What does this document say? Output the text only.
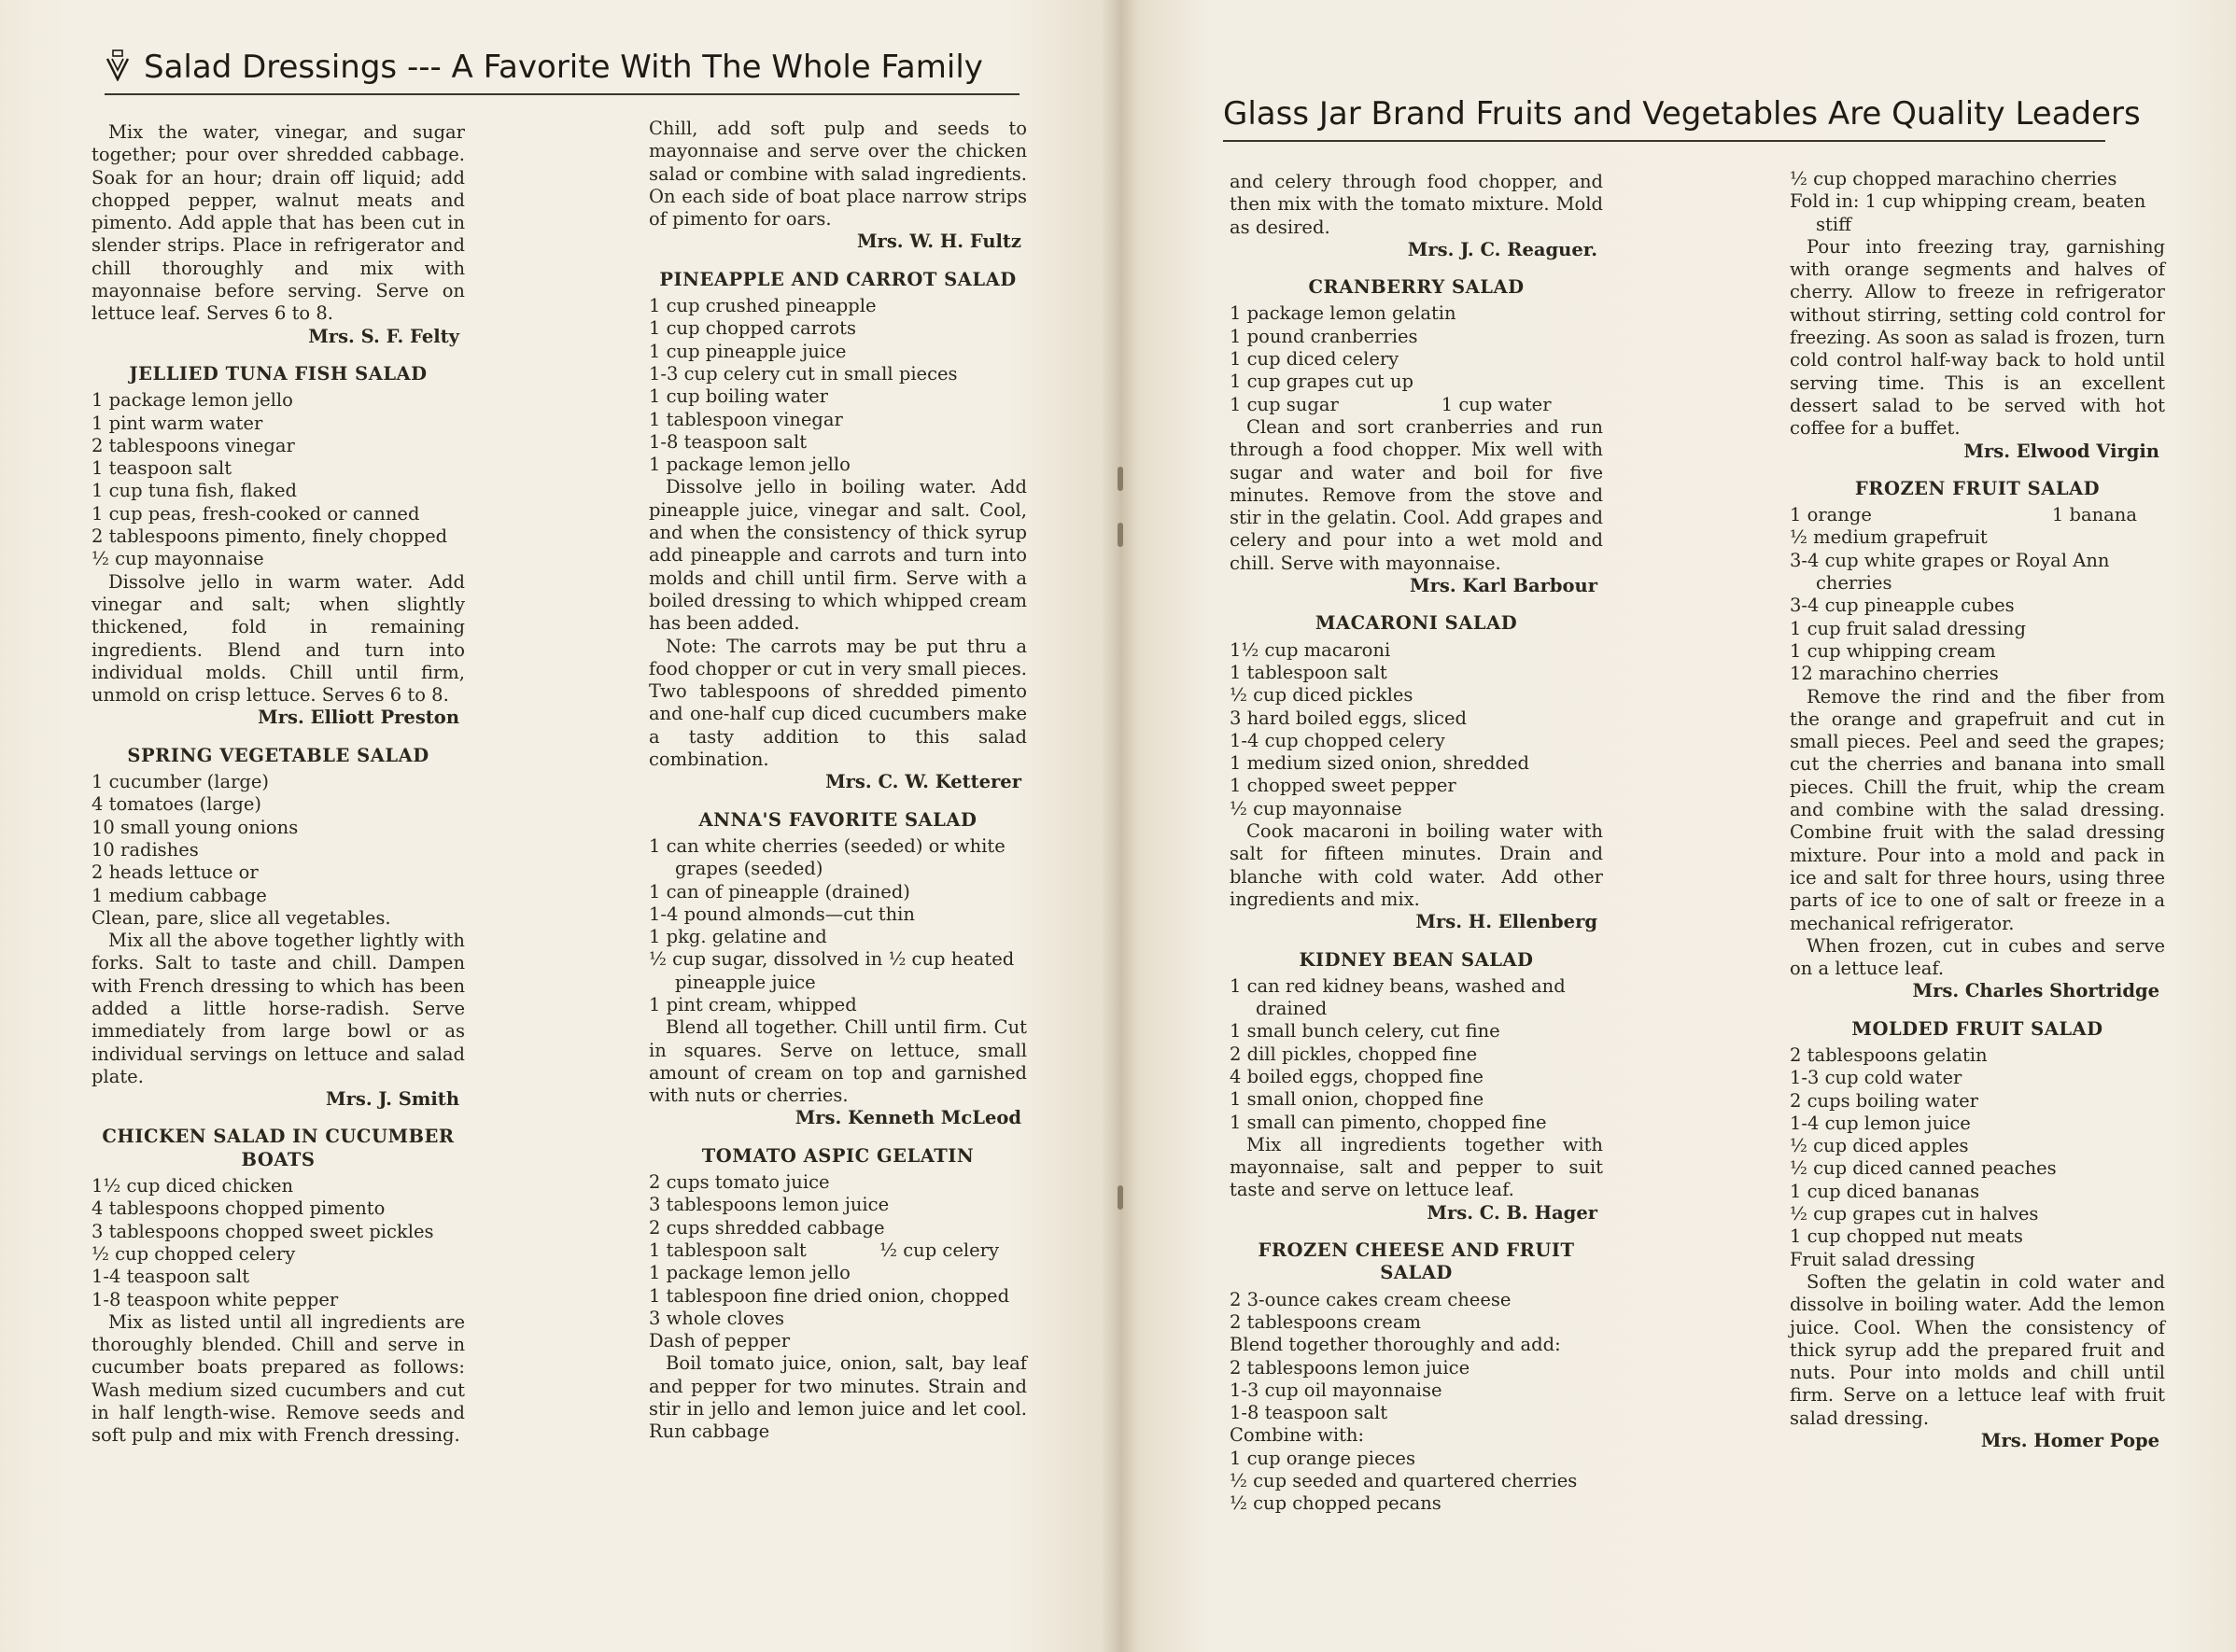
Salad Dressings --- A Favorite With The Whole Family

Mix the water, vinegar, and sugar together; pour over shredded cabbage. Soak for an hour; drain off liquid; add chopped pepper, walnut meats and pimento. Add apple that has been cut in slender strips. Place in refrigerator and chill thoroughly and mix with mayonnaise before serving. Serve on lettuce leaf. Serves 6 to 8.

Mrs. S. F. Felty

JELLIED TUNA FISH SALAD

1 package lemon jello

1 pint warm water

2 tablespoons vinegar

1 teaspoon salt

1 cup tuna fish, flaked

1 cup peas, fresh-cooked or canned

2 tablespoons pimento, finely chopped

½ cup mayonnaise

Dissolve jello in warm water. Add vinegar and salt; when slightly thickened, fold in remaining ingredients. Blend and turn into individual molds. Chill until firm, unmold on crisp lettuce. Serves 6 to 8.

Mrs. Elliott Preston

SPRING VEGETABLE SALAD

1 cucumber (large)

4 tomatoes (large)

10 small young onions

10 radishes

2 heads lettuce or

1 medium cabbage

Clean, pare, slice all vegetables.

Mix all the above together lightly with forks. Salt to taste and chill. Dampen with French dressing to which has been added a little horse-radish. Serve immediately from large bowl or as individual servings on lettuce and salad plate.

Mrs. J. Smith

CHICKEN SALAD IN CUCUMBER BOATS

1½ cup diced chicken

4 tablespoons chopped pimento

3 tablespoons chopped sweet pickles

½ cup chopped celery

1-4 teaspoon salt

1-8 teaspoon white pepper

Mix as listed until all ingredients are thoroughly blended. Chill and serve in cucumber boats prepared as follows: Wash medium sized cucumbers and cut in half length-wise. Remove seeds and soft pulp and mix with French dressing.

Chill, add soft pulp and seeds to mayonnaise and serve over the chicken salad or combine with salad ingredients. On each side of boat place narrow strips of pimento for oars.

Mrs. W. H. Fultz

PINEAPPLE AND CARROT SALAD

1 cup crushed pineapple

1 cup chopped carrots

1 cup pineapple juice

1-3 cup celery cut in small pieces

1 cup boiling water

1 tablespoon vinegar

1-8 teaspoon salt

1 package lemon jello

Dissolve jello in boiling water. Add pineapple juice, vinegar and salt. Cool, and when the consistency of thick syrup add pineapple and carrots and turn into molds and chill until firm. Serve with a boiled dressing to which whipped cream has been added.

Note: The carrots may be put thru a food chopper or cut in very small pieces. Two tablespoons of shredded pimento and one-half cup diced cucumbers make a tasty addition to this salad combination.

Mrs. C. W. Ketterer

ANNA'S FAVORITE SALAD

1 can white cherries (seeded) or white grapes (seeded)

1 can of pineapple (drained)

1-4 pound almonds—cut thin

1 pkg. gelatine and

½ cup sugar, dissolved in ½ cup heated pineapple juice

1 pint cream, whipped

Blend all together. Chill until firm. Cut in squares. Serve on lettuce, small amount of cream on top and garnished with nuts or cherries.

Mrs. Kenneth McLeod

TOMATO ASPIC GELATIN

2 cups tomato juice

3 tablespoons lemon juice

2 cups shredded cabbage

1 tablespoon salt	½ cup celery

1 package lemon jello

1 tablespoon fine dried onion, chopped

3 whole cloves

Dash of pepper

Boil tomato juice, onion, salt, bay leaf and pepper for two minutes. Strain and stir in jello and lemon juice and let cool. Run cabbage

Glass Jar Brand Fruits and Vegetables Are Quality Leaders

and celery through food chopper, and then mix with the tomato mixture. Mold as desired.

Mrs. J. C. Reaguer.

CRANBERRY SALAD

1 package lemon gelatin

1 pound cranberries

1 cup diced celery

1 cup grapes cut up

1 cup sugar	1 cup water

Clean and sort cranberries and run through a food chopper. Mix well with sugar and water and boil for five minutes. Remove from the stove and stir in the gelatin. Cool. Add grapes and celery and pour into a wet mold and chill. Serve with mayonnaise.

Mrs. Karl Barbour

MACARONI SALAD

1½ cup macaroni

1 tablespoon salt

½ cup diced pickles

3 hard boiled eggs, sliced

1-4 cup chopped celery

1 medium sized onion, shredded

1 chopped sweet pepper

½ cup mayonnaise

Cook macaroni in boiling water with salt for fifteen minutes. Drain and blanche with cold water. Add other ingredients and mix.

Mrs. H. Ellenberg

KIDNEY BEAN SALAD

1 can red kidney beans, washed and drained

1 small bunch celery, cut fine

2 dill pickles, chopped fine

4 boiled eggs, chopped fine

1 small onion, chopped fine

1 small can pimento, chopped fine

Mix all ingredients together with mayonnaise, salt and pepper to suit taste and serve on lettuce leaf.

Mrs. C. B. Hager

FROZEN CHEESE AND FRUIT SALAD

2 3-ounce cakes cream cheese

2 tablespoons cream

Blend together thoroughly and add:

2 tablespoons lemon juice

1-3 cup oil mayonnaise

1-8 teaspoon salt

Combine with:

1 cup orange pieces

½ cup seeded and quartered cherries

½ cup chopped pecans

½ cup chopped marachino cherries

Fold in: 1 cup whipping cream, beaten stiff

Pour into freezing tray, garnishing with orange segments and halves of cherry. Allow to freeze in refrigerator without stirring, setting cold control for freezing. As soon as salad is frozen, turn cold control half-way back to hold until serving time. This is an excellent dessert salad to be served with hot coffee for a buffet.

Mrs. Elwood Virgin

FROZEN FRUIT SALAD

1 orange	1 banana

½ medium grapefruit

3-4 cup white grapes or Royal Ann cherries

3-4 cup pineapple cubes

1 cup fruit salad dressing

1 cup whipping cream

12 marachino cherries

Remove the rind and the fiber from the orange and grapefruit and cut in small pieces. Peel and seed the grapes; cut the cherries and banana into small pieces. Chill the fruit, whip the cream and combine with the salad dressing. Combine fruit with the salad dressing mixture. Pour into a mold and pack in ice and salt for three hours, using three parts of ice to one of salt or freeze in a mechanical refrigerator.

When frozen, cut in cubes and serve on a lettuce leaf.

Mrs. Charles Shortridge

MOLDED FRUIT SALAD

2 tablespoons gelatin

1-3 cup cold water

2 cups boiling water

1-4 cup lemon juice

½ cup diced apples

½ cup diced canned peaches

1 cup diced bananas

½ cup grapes cut in halves

1 cup chopped nut meats

Fruit salad dressing

Soften the gelatin in cold water and dissolve in boiling water. Add the lemon juice. Cool. When the consistency of thick syrup add the prepared fruit and nuts. Pour into molds and chill until firm. Serve on a lettuce leaf with fruit salad dressing.

Mrs. Homer Pope
